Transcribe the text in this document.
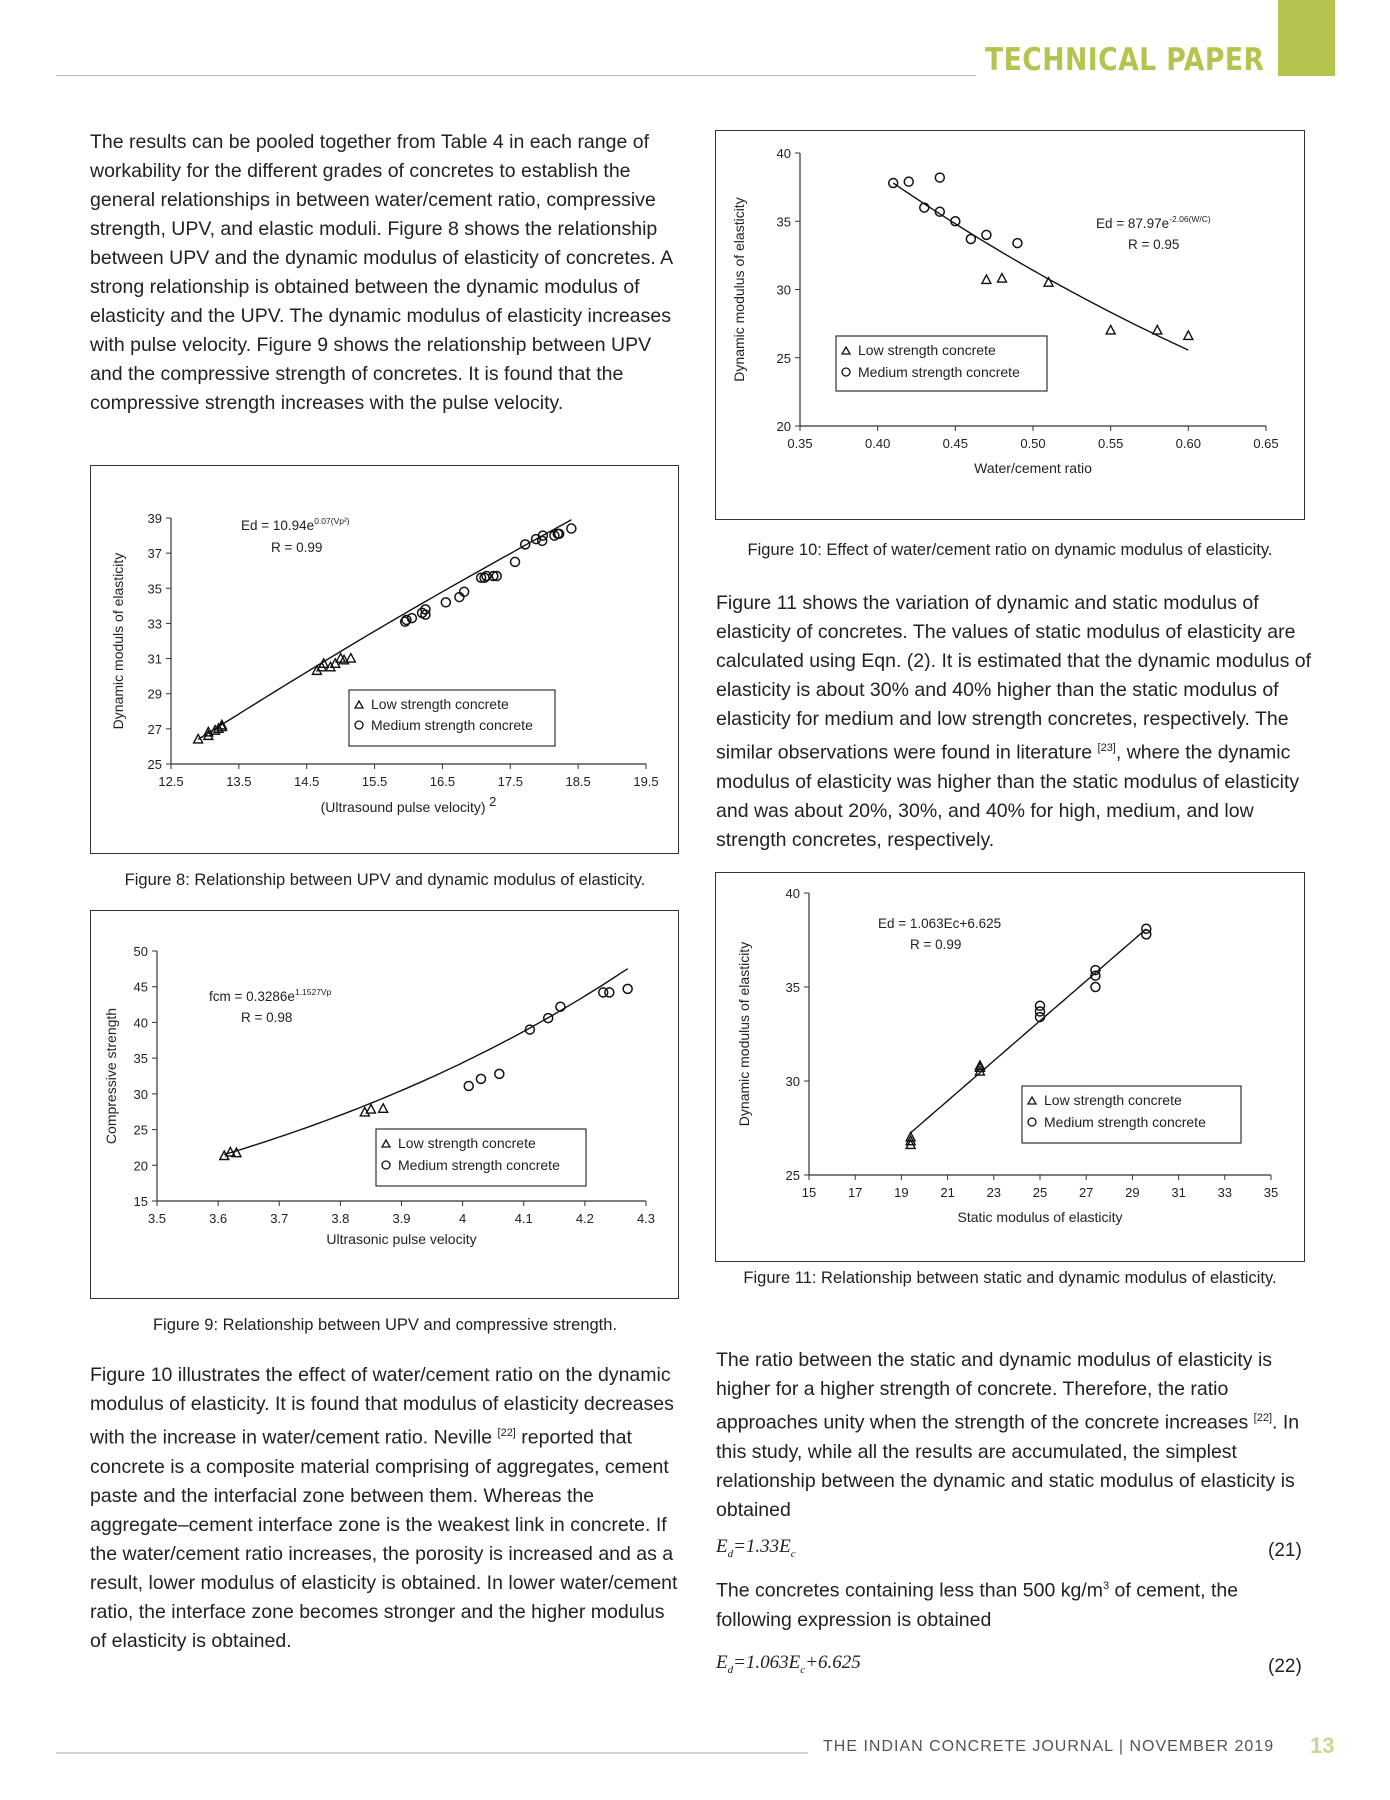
TECHNICAL PAPER
The results can be pooled together from Table 4 in each range of workability for the different grades of concretes to establish the general relationships in between water/cement ratio, compressive strength, UPV, and elastic moduli. Figure 8 shows the relationship between UPV and the dynamic modulus of elasticity of concretes. A strong relationship is obtained between the dynamic modulus of elasticity and the UPV. The dynamic modulus of elasticity increases with pulse velocity. Figure 9 shows the relationship between UPV and the compressive strength of concretes. It is found that the compressive strength increases with the pulse velocity.
25
27
29
31
33
35
37
39
12.5	13.5	14.5	15.5	16.5	17.5	18.5	19.5
Dynamic moduls of elasticity
(Ultrasound pulse velocity) 2
$Ed = 10.94e^{0.07(Vp^2)}$
R = 0.99
Low strength concrete
Medium strength concrete
Figure 8: Relationship between UPV and dynamic modulus of elasticity.
15
20
25
30
35
40
45
50
3.5	3.6	3.7	3.8	3.9	4	4.1	4.2	4.3
Compressive strength
Ultrasonic pulse velocity
fcm = $0.3286e^{1.1527Vp}$
R = 0.98
Low strength concrete
Medium strength concrete
Figure 9: Relationship between UPV and compressive strength.
Figure 10 illustrates the effect of water/cement ratio on the dynamic modulus of elasticity. It is found that modulus of elasticity decreases with the increase in water/cement ratio. Neville [22] reported that concrete is a composite material comprising of aggregates, cement paste and the interfacial zone between them. Whereas the aggregate–cement interface zone is the weakest link in concrete. If the water/cement ratio increases, the porosity is increased and as a result, lower modulus of elasticity is obtained. In lower water/cement ratio, the interface zone becomes stronger and the higher modulus of elasticity is obtained.
20
25
30
35
40
0.35	0.40	0.45	0.50	0.55	0.60	0.65
Dynamic modulus of elasticity
Water/cement ratio
$Ed = 87.97e^{-2.06(W/C)}$
R = 0.95
Low strength concrete
Medium strength concrete
Figure 10: Effect of water/cement ratio on dynamic modulus of elasticity.
Figure 11 shows the variation of dynamic and static modulus of elasticity of concretes. The values of static modulus of elasticity are calculated using Eqn. (2). It is estimated that the dynamic modulus of elasticity is about 30% and 40% higher than the static modulus of elasticity for medium and low strength concretes, respectively. The similar observations were found in literature [23], where the dynamic modulus of elasticity was higher than the static modulus of elasticity and was about 20%, 30%, and 40% for high, medium, and low strength concretes, respectively.
25
30
35
40
15 17 19 21 23 25 27 29 31 33 35
Dynamic modulus of elasticity
Static modulus of elasticity
Ed = 1.063Ec+6.625
R = 0.99
Low strength concrete
Medium strength concrete
Figure 11: Relationship between static and dynamic modulus of elasticity.
The ratio between the static and dynamic modulus of elasticity is higher for a higher strength of concrete. Therefore, the ratio approaches unity when the strength of the concrete increases [22]. In this study, while all the results are accumulated, the simplest relationship between the dynamic and static modulus of elasticity is obtained
$E_d=1.33E_c$	(21)
The concretes containing less than 500 $kg/m^3$ of cement, the following expression is obtained
$E_d=1.063E_c+6.625$	(22)
THE INDIAN CONCRETE JOURNAL | NOVEMBER 2019 13
